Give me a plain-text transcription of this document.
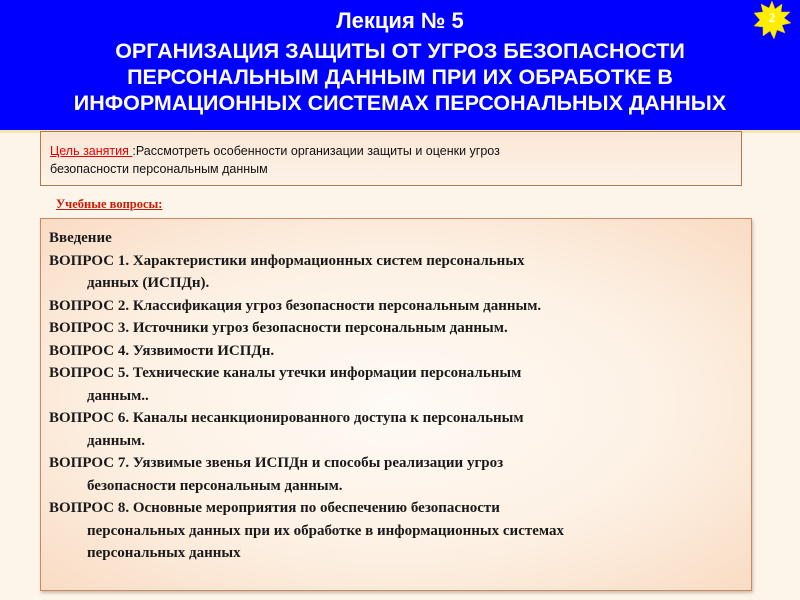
Лекция № 5
ОРГАНИЗАЦИЯ ЗАЩИТЫ ОТ УГРОЗ БЕЗОПАСНОСТИ
ПЕРСОНАЛЬНЫМ ДАННЫМ ПРИ ИХ ОБРАБОТКЕ В
ИНФОРМАЦИОННЫХ СИСТЕМАХ ПЕРСОНАЛЬНЫХ ДАННЫХ
2
Цель занятия :Рассмотреть особенности организации защиты и оценки угроз
безопасности персональным данным
Учебные вопросы:
Введение
ВОПРОС 1. Характеристики информационных систем персональных
данных (ИСПДн).
ВОПРОС 2. Классификация угроз безопасности персональным данным.
ВОПРОС 3. Источники угроз безопасности персональным данным.
ВОПРОС 4. Уязвимости ИСПДн.
ВОПРОС 5. Технические каналы утечки информации персональным
данным..
ВОПРОС 6. Каналы несанкционированного доступа к персональным
данным.
ВОПРОС 7. Уязвимые звенья ИСПДн и способы реализации угроз
безопасности персональным данным.
ВОПРОС 8. Основные мероприятия по обеспечению безопасности
персональных данных при их обработке в информационных системах
персональных данных
